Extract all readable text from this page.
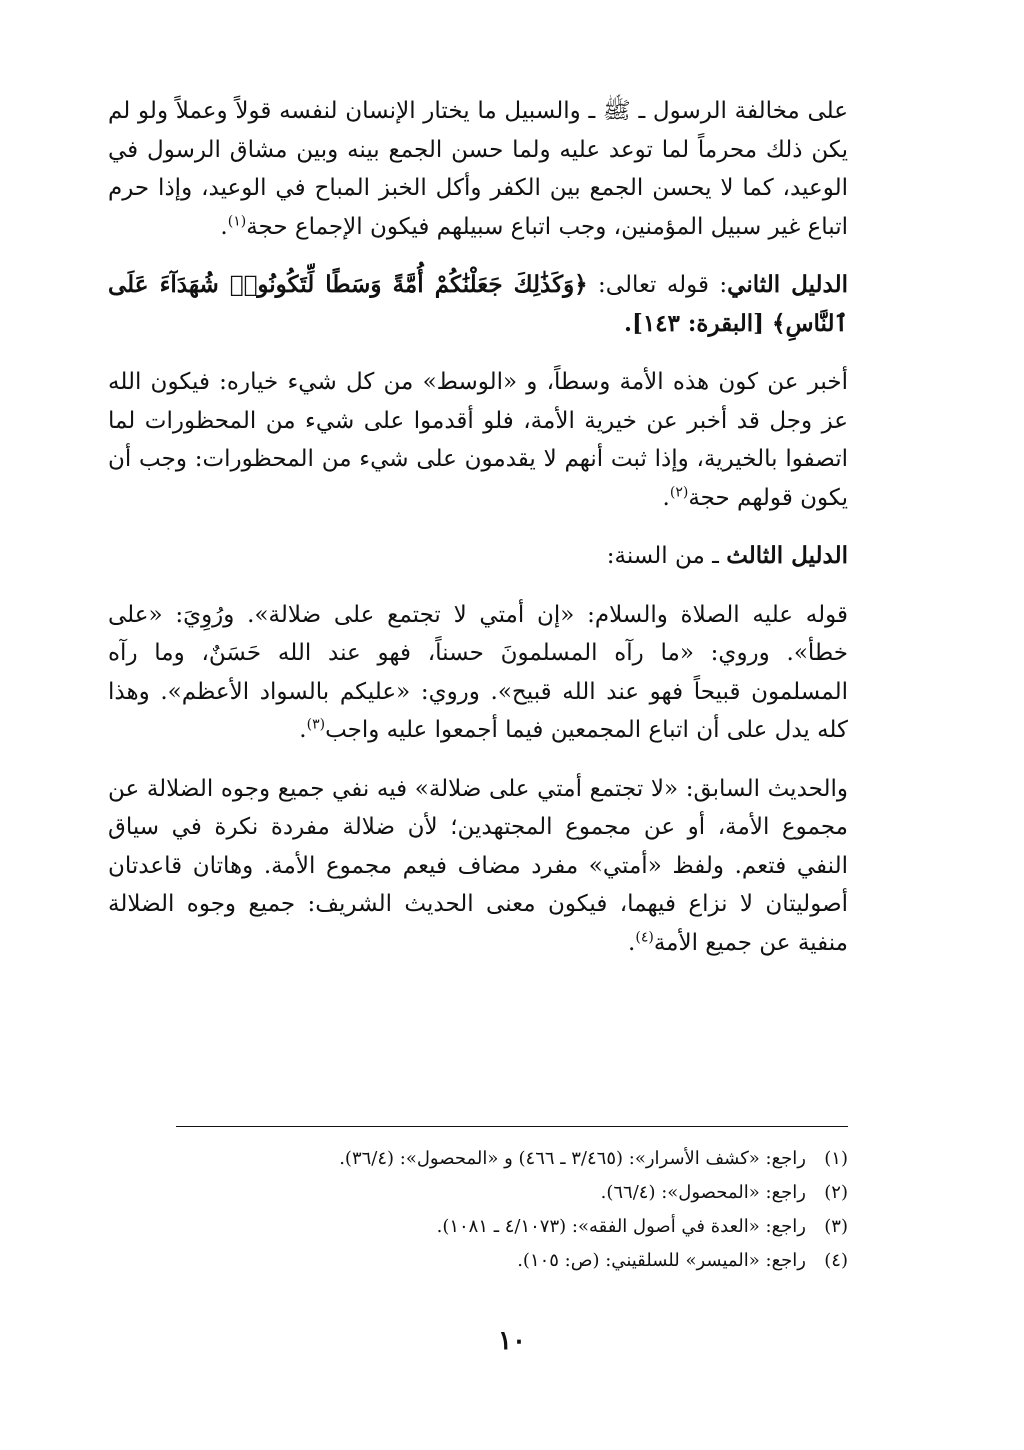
على مخالفة الرسول ـ ﷺ ـ والسبيل ما يختار الإنسان لنفسه قولاً وعملاً ولو لم يكن ذلك محرماً لما توعد عليه ولما حسن الجمع بينه وبين مشاق الرسول في الوعيد، كما لا يحسن الجمع بين الكفر وأكل الخبز المباح في الوعيد، وإذا حرم اتباع غير سبيل المؤمنين، وجب اتباع سبيلهم فيكون الإجماع حجة$^{(١)}$.

الدليل الثاني: قوله تعالى: ﴿وَكَذَٰلِكَ جَعَلْنَٰكُمْ أُمَّةً وَسَطًا لِّتَكُونُوا۟ شُهَدَآءَ عَلَى ٱلنَّاسِ﴾ [البقرة: ١٤٣].

أخبر عن كون هذه الأمة وسطاً، و «الوسط» من كل شيء خياره: فيكون الله عز وجل قد أخبر عن خيرية الأمة، فلو أقدموا على شيء من المحظورات لما اتصفوا بالخيرية، وإذا ثبت أنهم لا يقدمون على شيء من المحظورات: وجب أن يكون قولهم حجة$^{(٢)}$.

الدليل الثالث ـ من السنة:

قوله عليه الصلاة والسلام: «إن أمتي لا تجتمع على ضلالة». ورُوِيَ: «على خطأ». وروي: «ما رآه المسلمونَ حسناً، فهو عند الله حَسَنٌ، وما رآه المسلمون قبيحاً فهو عند الله قبيح». وروي: «عليكم بالسواد الأعظم». وهذا كله يدل على أن اتباع المجمعين فيما أجمعوا عليه واجب$^{(٣)}$.

والحديث السابق: «لا تجتمع أمتي على ضلالة» فيه نفي جميع وجوه الضلالة عن مجموع الأمة، أو عن مجموع المجتهدين؛ لأن ضلالة مفردة نكرة في سياق النفي فتعم. ولفظ «أمتي» مفرد مضاف فيعم مجموع الأمة. وهاتان قاعدتان أصوليتان لا نزاع فيهما، فيكون معنى الحديث الشريف: جميع وجوه الضلالة منفية عن جميع الأمة$^{(٤)}$.

(١)راجع: «كشف الأسرار»: (٣/٤٦٥ ـ ٤٦٦) و «المحصول»: (٣٦/٤).

(٢)راجع: «المحصول»: (٦٦/٤).

(٣)راجع: «العدة في أصول الفقه»: (٤/١٠٧٣ ـ ١٠٨١).

(٤)راجع: «الميسر» للسلقيني: (ص: ١٠٥).

١٠
